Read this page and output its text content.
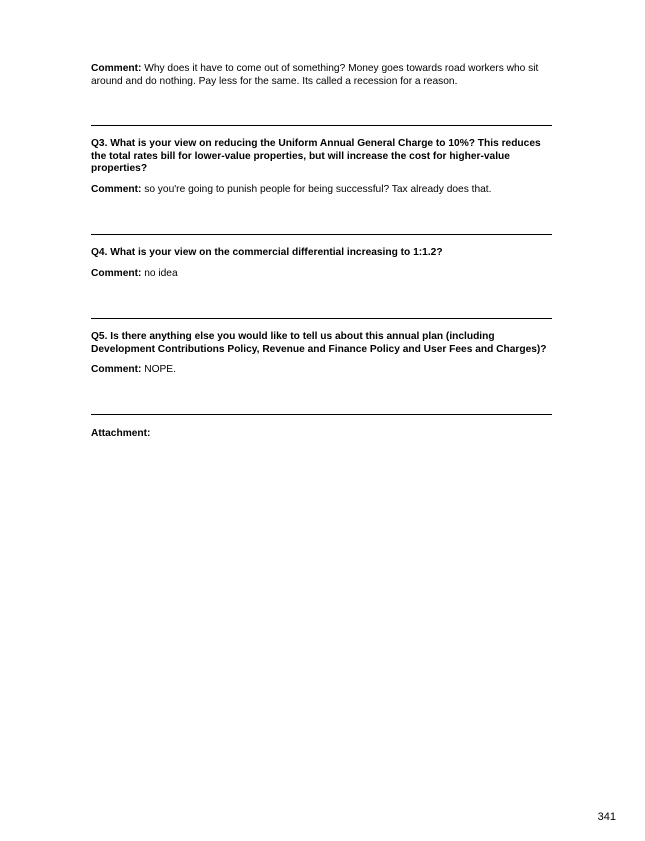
Comment: Why does it have to come out of something? Money goes towards road workers who sit around and do nothing. Pay less for the same. Its called a recession for a reason.
Q3. What is your view on reducing the Uniform Annual General Charge to 10%? This reduces the total rates bill for lower-value properties, but will increase the cost for higher-value properties?
Comment: so you're going to punish people for being successful? Tax already does that.
Q4. What is your view on the commercial differential increasing to 1:1.2?
Comment: no idea
Q5. Is there anything else you would like to tell us about this annual plan (including Development Contributions Policy, Revenue and Finance Policy and User Fees and Charges)?
Comment: NOPE.
Attachment:
341
